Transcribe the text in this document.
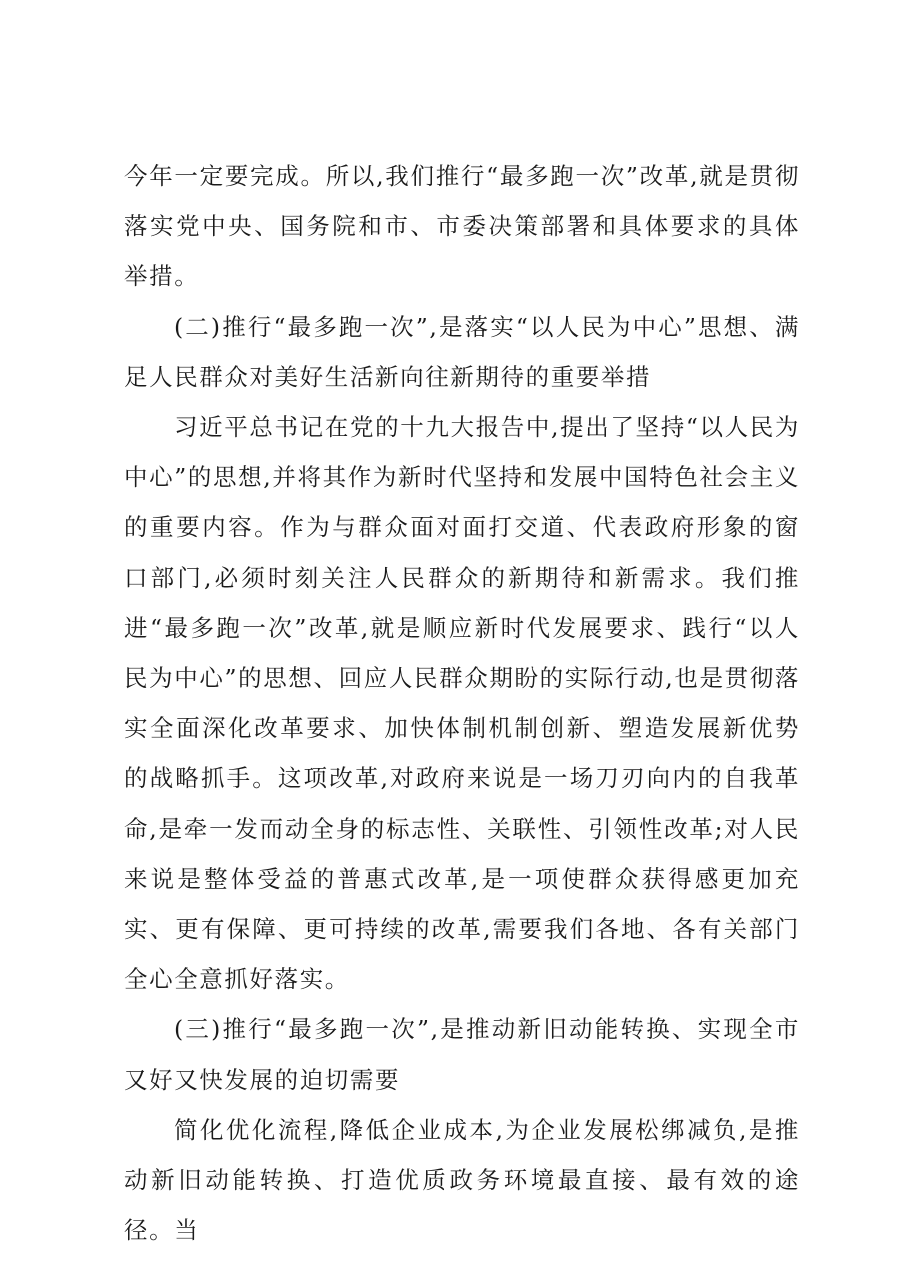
今年一定要完成。所以,我们推行“最多跑一次”改革,就是贯彻落实党中央、国务院和市、市委决策部署和具体要求的具体举措。

(二)推行“最多跑一次”,是落实“以人民为中心”思想、满足人民群众对美好生活新向往新期待的重要举措

习近平总书记在党的十九大报告中,提出了坚持“以人民为中心”的思想,并将其作为新时代坚持和发展中国特色社会主义的重要内容。作为与群众面对面打交道、代表政府形象的窗口部门,必须时刻关注人民群众的新期待和新需求。我们推进“最多跑一次”改革,就是顺应新时代发展要求、践行“以人民为中心”的思想、回应人民群众期盼的实际行动,也是贯彻落实全面深化改革要求、加快体制机制创新、塑造发展新优势的战略抓手。这项改革,对政府来说是一场刀刃向内的自我革命,是牵一发而动全身的标志性、关联性、引领性改革;对人民来说是整体受益的普惠式改革,是一项使群众获得感更加充实、更有保障、更可持续的改革,需要我们各地、各有关部门全心全意抓好落实。

(三)推行“最多跑一次”,是推动新旧动能转换、实现全市又好又快发展的迫切需要

简化优化流程,降低企业成本,为企业发展松绑减负,是推动新旧动能转换、打造优质政务环境最直接、最有效的途径。当
